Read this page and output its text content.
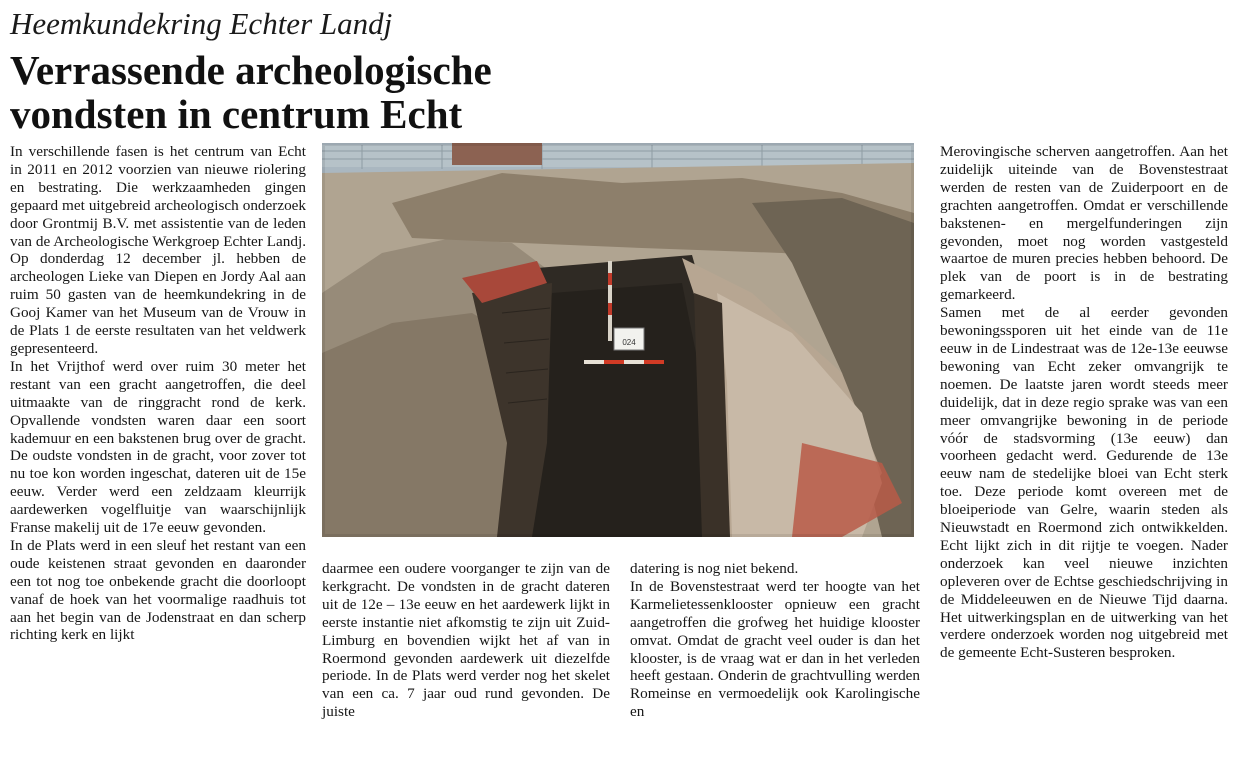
Heemkundekring Echter Landj
Verrassende archeologische
vondsten in centrum Echt

In verschillende fasen is het centrum van Echt in 2011 en 2012 voorzien van nieuwe riolering en bestrating. Die werkzaamheden gingen gepaard met uitgebreid archeologisch onderzoek door Grontmij B.V. met assistentie van de leden van de Archeologische Werkgroep Echter Landj. Op donderdag 12 december jl. hebben de archeologen Lieke van Diepen en Jordy Aal aan ruim 50 gasten van de heemkundekring in de Gooj Kamer van het Museum van de Vrouw in de Plats 1 de eerste resultaten van het veldwerk gepresenteerd.

In het Vrijthof werd over ruim 30 meter het restant van een gracht aangetroffen, die deel uitmaakte van de ringgracht rond de kerk. Opvallende vondsten waren daar een soort kademuur en een bakstenen brug over de gracht. De oudste vondsten in de gracht, voor zover tot nu toe kon worden ingeschat, dateren uit de 15e eeuw. Verder werd een zeldzaam kleurrijk aardewerken vogelfluitje van waarschijnlijk Franse makelij uit de 17e eeuw gevonden.

In de Plats werd in een sleuf het restant van een oude keistenen straat gevonden en daaronder een tot nog toe onbekende gracht die doorloopt vanaf de hoek van het voormalige raadhuis tot aan het begin van de Jodenstraat en dan scherp richting kerk en lijkt

024

daarmee een oudere voorganger te zijn van de kerkgracht. De vondsten in de gracht dateren uit de 12e – 13e eeuw en het aardewerk lijkt in eerste instantie niet afkomstig te zijn uit Zuid-Limburg en bovendien wijkt het af van in Roermond gevonden aardewerk uit diezelfde periode. In de Plats werd verder nog het skelet van een ca. 7 jaar oud rund gevonden. De juiste

datering is nog niet bekend.

In de Bovenstestraat werd ter hoogte van het Karmelietessenklooster opnieuw een gracht aangetroffen die grofweg het huidige klooster omvat. Omdat de gracht veel ouder is dan het klooster, is de vraag wat er dan in het verleden heeft gestaan. Onderin de grachtvulling werden Romeinse en vermoedelijk ook Karolingische en

Merovingische scherven aangetroffen. Aan het zuidelijk uiteinde van de Bovenstestraat werden de resten van de Zuiderpoort en de grachten aangetroffen. Omdat er verschillende bakstenen- en mergelfunderingen zijn gevonden, moet nog worden vastgesteld waartoe de muren precies hebben behoord. De plek van de poort is in de bestrating gemarkeerd.

Samen met de al eerder gevonden bewoningssporen uit het einde van de 11e eeuw in de Lindestraat was de 12e-13e eeuwse bewoning van Echt zeker omvangrijk te noemen. De laatste jaren wordt steeds meer duidelijk, dat in deze regio sprake was van een meer omvangrijke bewoning in de periode vóór de stadsvorming (13e eeuw) dan voorheen gedacht werd. Gedurende de 13e eeuw nam de stedelijke bloei van Echt sterk toe. Deze periode komt overeen met de bloeiperiode van Gelre, waarin steden als Nieuwstadt en Roermond zich ontwikkelden. Echt lijkt zich in dit rijtje te voegen. Nader onderzoek kan veel nieuwe inzichten opleveren over de Echtse geschiedschrijving in de Middeleeuwen en de Nieuwe Tijd daarna. Het uitwerkingsplan en de uitwerking van het verdere onderzoek worden nog uitgebreid met de gemeente Echt-Susteren besproken.
